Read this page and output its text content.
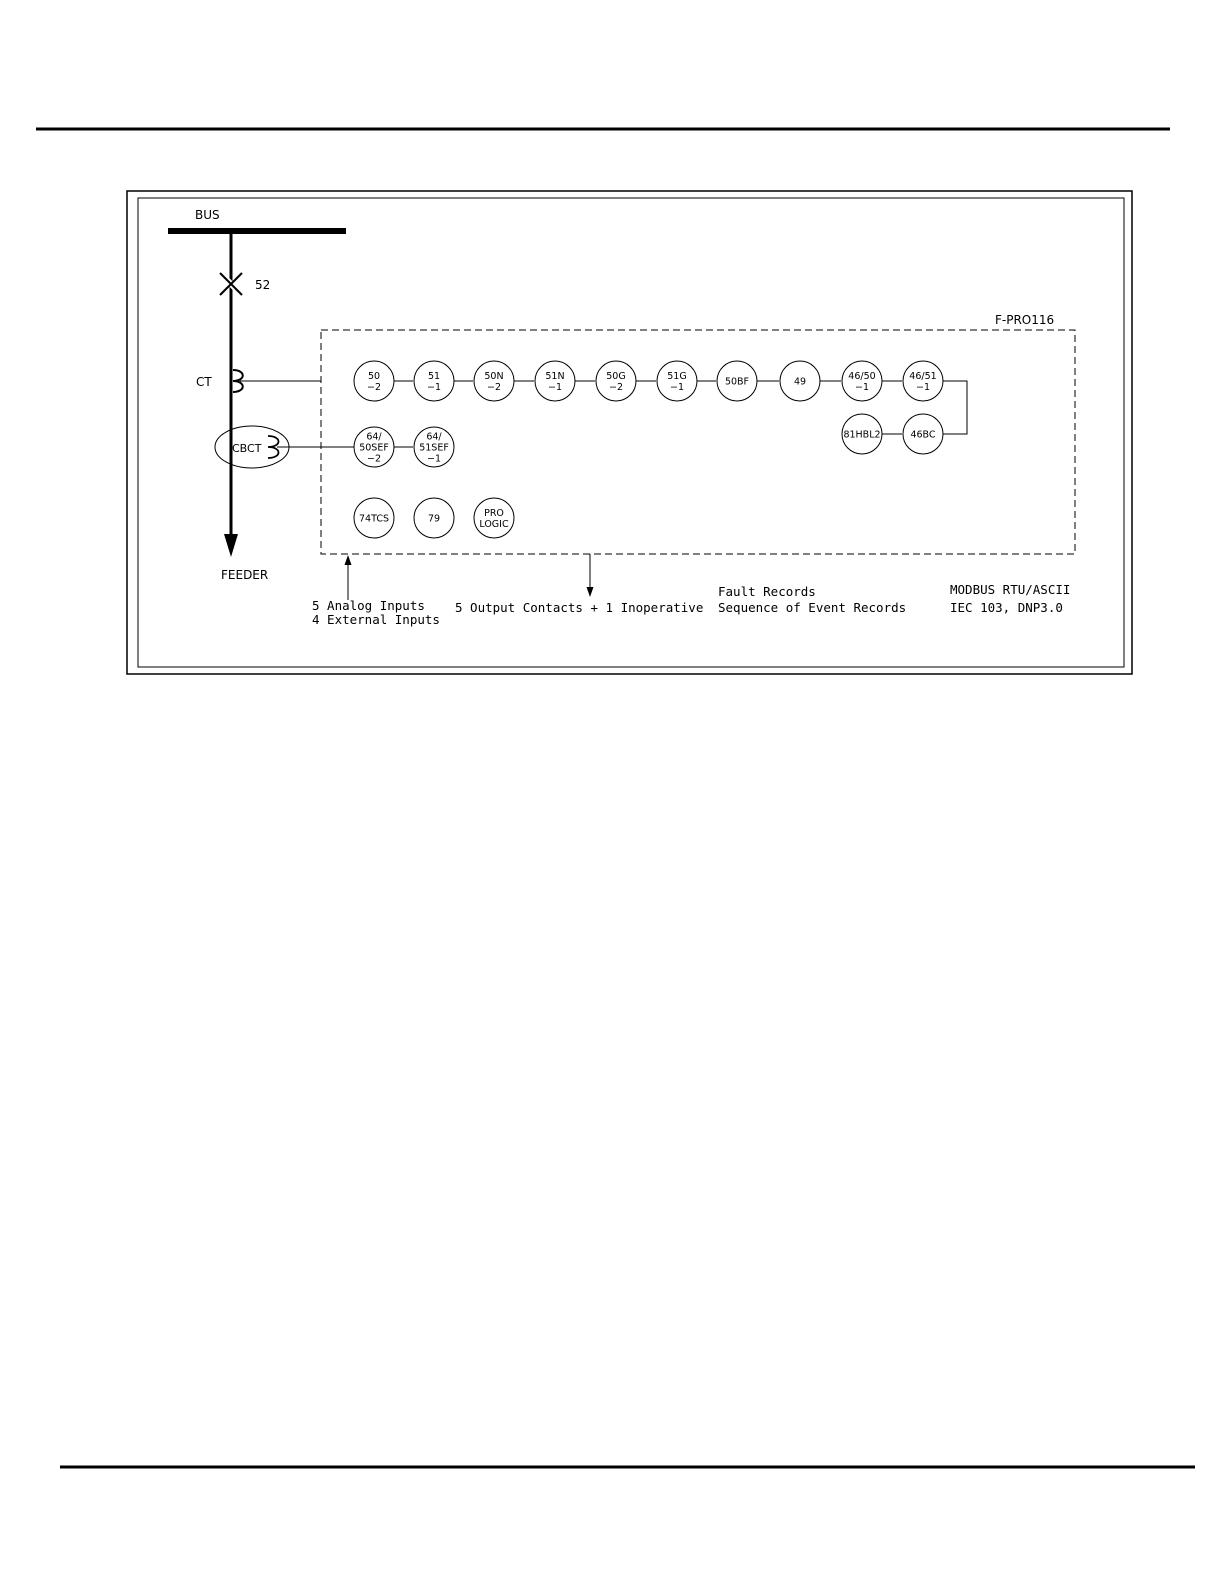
BUS
FEEDER
52
CT
CBCT
F-PRO116
50
−2
51
−1
50N
−2
51N
−1
50G
−2
51G
−1	50BF	49	46/50
−1
46/51
−1
81HBL2	46BC
64/
50SEF
−2
64/
51SEF
−1
74TCS	79	PRO
LOGIC
5 Analog Inputs
4 External Inputs
5 Output Contacts + 1 Inoperative
Fault Records
Sequence of Event Records
MODBUS RTU/ASCII
IEC 103, DNP3.0
